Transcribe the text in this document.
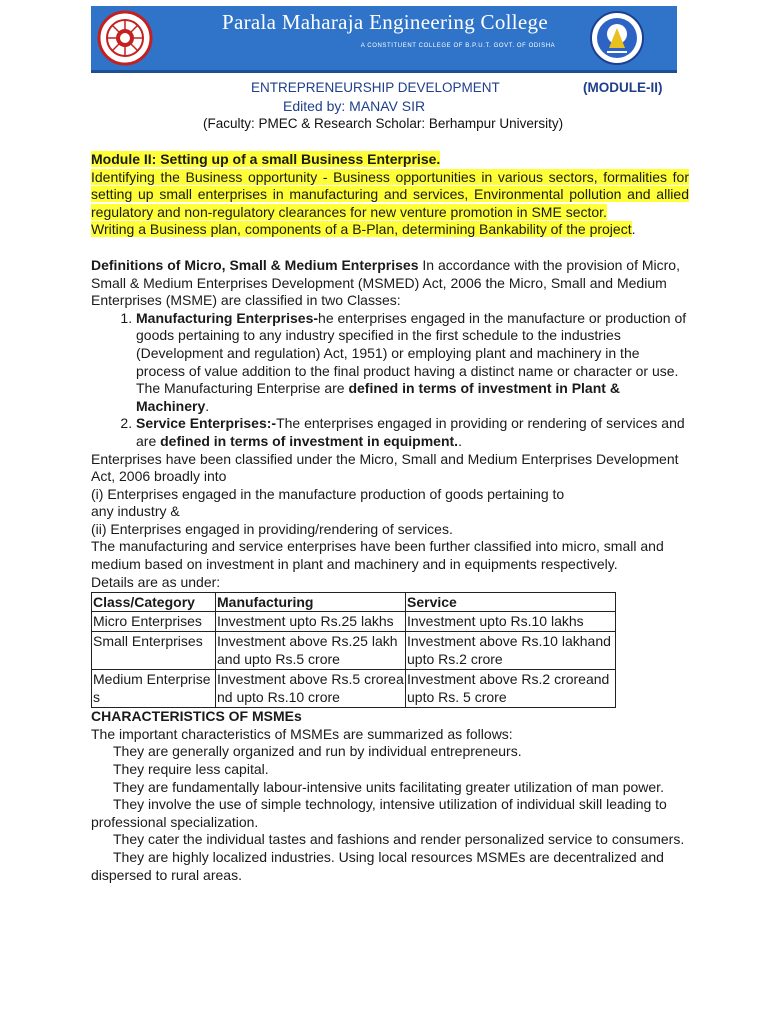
Parala Maharaja Engineering College
A CONSTITUENT COLLEGE OF B.P.U.T. GOVT. OF ODISHA
ENTREPRENEURSHIP DEVELOPMENT	(MODULE-II)
Edited by: MANAV SIR
(Faculty: PMEC & Research Scholar: Berhampur University)

Module II: Setting up of a small Business Enterprise.

Identifying the Business opportunity - Business opportunities in various sectors, formalities for setting up small enterprises in manufacturing and services, Environmental pollution and allied regulatory and non-regulatory clearances for new venture promotion in SME sector.

Writing a Business plan, components of a B-Plan, determining Bankability of the project.

Definitions of Micro, Small & Medium Enterprises In accordance with the provision of Micro, Small & Medium Enterprises Development (MSMED) Act, 2006 the Micro, Small and Medium Enterprises (MSME) are classified in two Classes:

1. Manufacturing Enterprises-he enterprises engaged in the manufacture or production of goods pertaining to any industry specified in the first schedule to the industries (Development and regulation) Act, 1951) or employing plant and machinery in the process of value addition to the final product having a distinct name or character or use. The Manufacturing Enterprise are defined in terms of investment in Plant & Machinery.
2. Service Enterprises:-The enterprises engaged in providing or rendering of services and are defined in terms of investment in equipment..

Enterprises have been classified under the Micro, Small and Medium Enterprises Development Act, 2006 broadly into

(i) Enterprises engaged in the manufacture production of goods pertaining to

any industry &

(ii) Enterprises engaged in providing/rendering of services.

The manufacturing and service enterprises have been further classified into micro, small and medium based on investment in plant and machinery and in equipments respectively.

Details are as under:

Class/Category	Manufacturing	Service
Micro Enterprises	Investment upto Rs.25 lakhs	Investment upto Rs.10 lakhs
Small Enterprises	Investment above Rs.25 lakhand upto Rs.5 crore	Investment above Rs.10 lakhand upto Rs.2 crore
Medium Enterprises	Investment above Rs.5 croreand upto Rs.10 crore	Investment above Rs.2 croreand upto Rs. 5 crore

CHARACTERISTICS OF MSMEs

The important characteristics of MSMEs are summarized as follows:

They are generally organized and run by individual entrepreneurs.

They require less capital.

They are fundamentally labour-intensive units facilitating greater utilization of man power.

They involve the use of simple technology, intensive utilization of individual skill leading to professional specialization.

They cater the individual tastes and fashions and render personalized service to consumers.

They are highly localized industries. Using local resources MSMEs are decentralized and dispersed to rural areas.
